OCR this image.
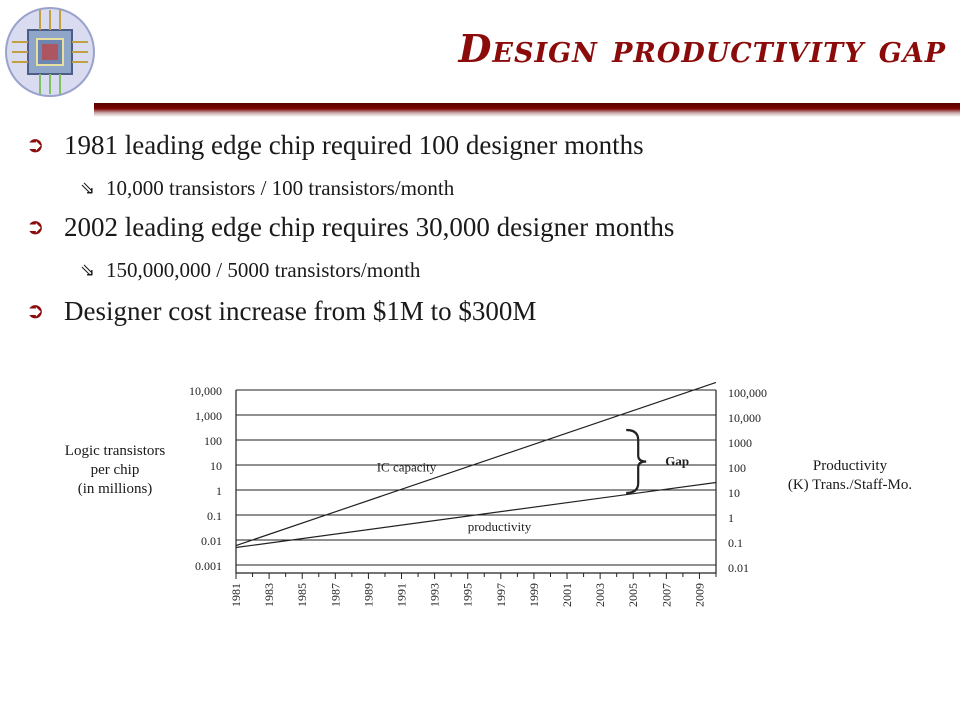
Design productivity gap
➲ 1981 leading edge chip required 100 designer months
⇘ 10,000 transistors / 100 transistors/month
➲ 2002 leading edge chip requires 30,000 designer months
⇘ 150,000,000 / 5000 transistors/month
➲ Designer cost increase from $1M to $300M
Logic transistors
per chip
(in millions)
Productivity
(K) Trans./Staff-Mo.
10,000	100,000
1,000	10,000
100	1000
10	100
1	10
0.1	1
0.01	0.1
0.001	0.01
1981 1983 1985 1987 1989 1991 1993 1995 1997 1999 2001 2003 2005 2007 2009
IC capacity
productivity
Gap
